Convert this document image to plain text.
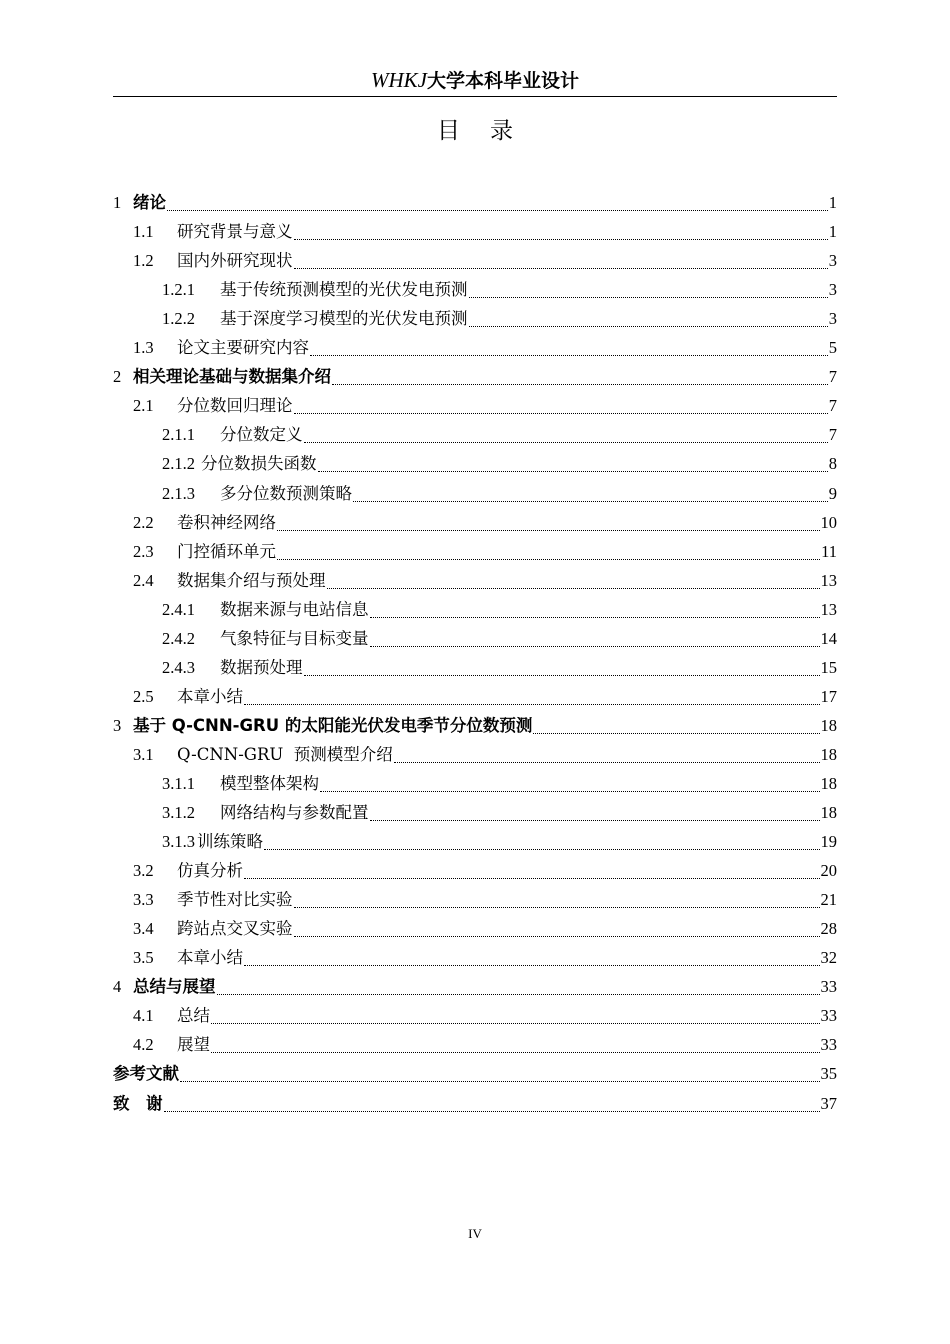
WHKJ大学本科毕业设计
目 录
1 绪论	1
1.1	研究背景与意义	1
1.2	国内外研究现状	3
1.2.1	基于传统预测模型的光伏发电预测	3
1.2.2	基于深度学习模型的光伏发电预测	3
1.3	论文主要研究内容	5
2 相关理论基础与数据集介绍	7
2.1	分位数回归理论	7
2.1.1	分位数定义	7
2.1.2 分位数损失函数	8
2.1.3	多分位数预测策略	9
2.2	卷积神经网络	10
2.3	门控循环单元	11
2.4	数据集介绍与预处理	13
2.4.1	数据来源与电站信息	13
2.4.2	气象特征与目标变量	14
2.4.3	数据预处理	15
2.5	本章小结	17
3 基于 Q-CNN-GRU 的太阳能光伏发电季节分位数预测	18
3.1	Q-CNN-GRU  预测模型介绍	18
3.1.1	模型整体架构	18
3.1.2	网络结构与参数配置	18
3.1.3 训练策略	19
3.2	仿真分析	20
3.3	季节性对比实验	21
3.4	跨站点交叉实验	28
3.5	本章小结	32
4 总结与展望	33
4.1	总结	33
4.2	展望	33
参考文献	35
致　谢	37
IV
